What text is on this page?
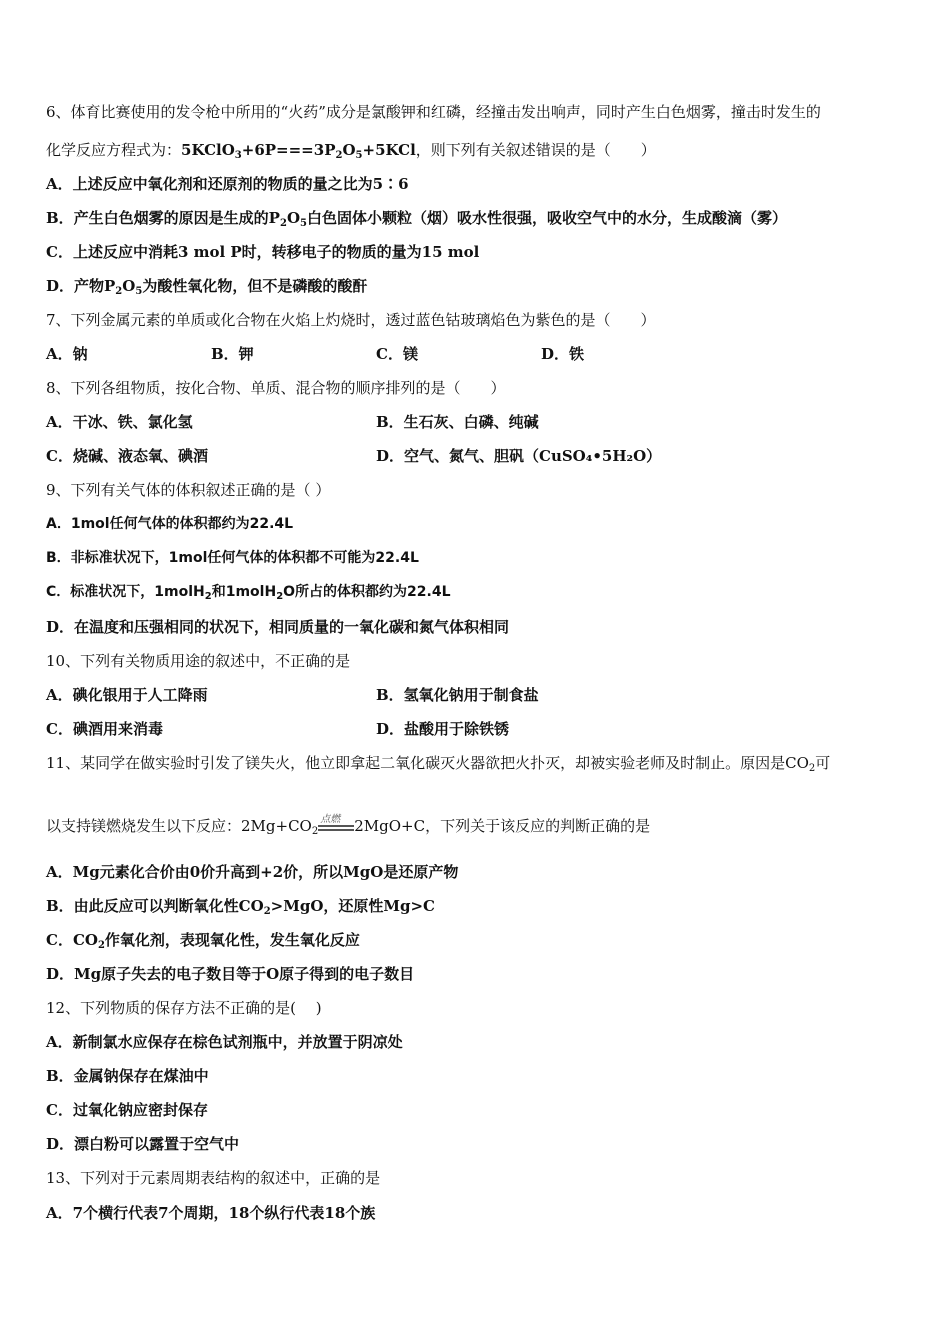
6、体育比赛使用的发令枪中所用的“火药”成分是氯酸钾和红磷，经撞击发出响声，同时产生白色烟雾，撞击时发生的
化学反应方程式为：$5KClO_3+6P===3P_2O_5+5KCl$，则下列有关叙述错误的是（　　）
A．上述反应中氧化剂和还原剂的物质的量之比为5∶6
B．产生白色烟雾的原因是生成的$P_2O_5$白色固体小颗粒（烟）吸水性很强，吸收空气中的水分，生成酸滴（雾）
C．上述反应中消耗3 mol P时，转移电子的物质的量为15 mol
D．产物$P_2O_5$为酸性氧化物，但不是磷酸的酸酐
7、下列金属元素的单质或化合物在火焰上灼烧时，透过蓝色钴玻璃焰色为紫色的是（　　）
A．钠	B．钾	C．镁	D．铁
8、下列各组物质，按化合物、单质、混合物的顺序排列的是（　　）
A．干冰、铁、氯化氢	B．生石灰、白磷、纯碱
C．烧碱、液态氧、碘酒	D．空气、氮气、胆矾（CuSO₄•5H₂O）
9、下列有关气体的体积叙述正确的是（ ）
A．1mol任何气体的体积都约为22.4L
B．非标准状况下，1mol任何气体的体积都不可能为22.4L
C．标准状况下，1molH$_2$和1molH$_2$O所占的体积都约为22.4L
D．在温度和压强相同的状况下，相同质量的一氧化碳和氮气体积相同
10、下列有关物质用途的叙述中，不正确的是
A．碘化银用于人工降雨	B．氢氧化钠用于制食盐
C．碘酒用来消毒	D．盐酸用于除铁锈
11、某同学在做实验时引发了镁失火，他立即拿起二氧化碳灭火器欲把火扑灭，却被实验老师及时制止。原因是$CO_2$可
以支持镁燃烧发生以下反应：$2Mg+CO_2$
点燃 2MgO+C，下列关于该反应的判断正确的是
A．Mg元素化合价由0价升高到+2价，所以MgO是还原产物
B．由此反应可以判断氧化性$CO_2>MgO$，还原性Mg>C
C．$CO_2$作氧化剂，表现氧化性，发生氧化反应
D．Mg原子失去的电子数目等于O原子得到的电子数目
12、下列物质的保存方法不正确的是(　 )
A．新制氯水应保存在棕色试剂瓶中，并放置于阴凉处
B．金属钠保存在煤油中
C．过氧化钠应密封保存
D．漂白粉可以露置于空气中
13、下列对于元素周期表结构的叙述中，正确的是
A．7个横行代表7个周期，18个纵行代表18个族
